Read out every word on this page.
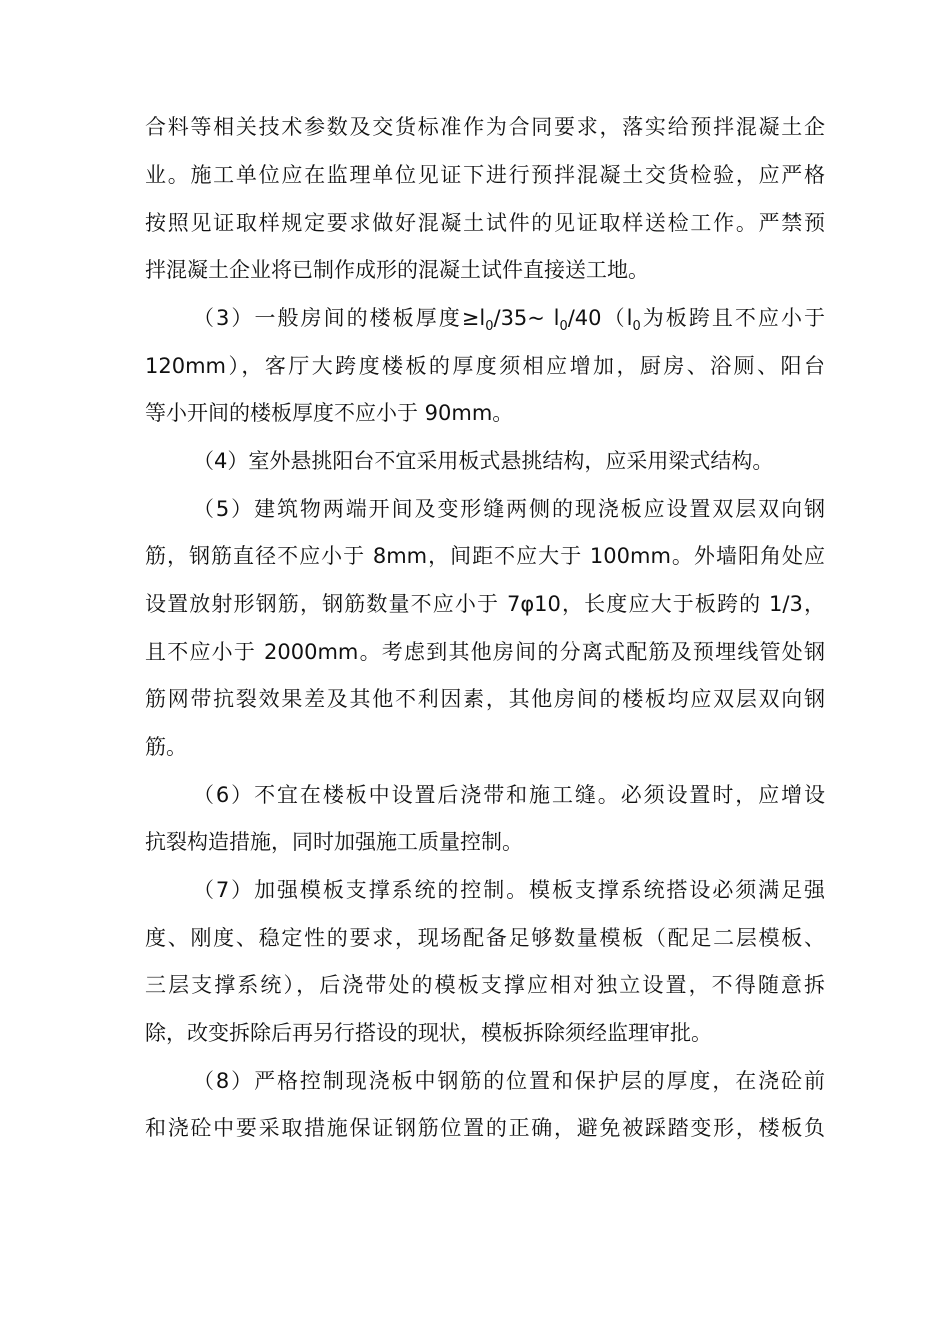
合料等相关技术参数及交货标准作为合同要求，落实给预拌混凝土企
业。施工单位应在监理单位见证下进行预拌混凝土交货检验，应严格
按照见证取样规定要求做好混凝土试件的见证取样送检工作。严禁预
拌混凝土企业将已制作成形的混凝土试件直接送工地。
（3）一般房间的楼板厚度$\ge l_0/35\sim$ $l_0/40(l_0$为板跨且不应小于
120mm），客厅大跨度楼板的厚度须相应增加，厨房、浴厕、阳台
等小开间的楼板厚度不应小于 90mm。
（4）室外悬挑阳台不宜采用板式悬挑结构，应采用梁式结构。
（5）建筑物两端开间及变形缝两侧的现浇板应设置双层双向钢
筋，钢筋直径不应小于 8mm，间距不应大于 100mm。外墙阳角处应
设置放射形钢筋，钢筋数量不应小于 7φ10，长度应大于板跨的 1/3，
且不应小于 2000mm。考虑到其他房间的分离式配筋及预埋线管处钢
筋网带抗裂效果差及其他不利因素，其他房间的楼板均应双层双向钢
筋。
（6）不宜在楼板中设置后浇带和施工缝。必须设置时，应增设
抗裂构造措施，同时加强施工质量控制。
（7）加强模板支撑系统的控制。模板支撑系统搭设必须满足强
度、刚度、稳定性的要求，现场配备足够数量模板（配足二层模板、
三层支撑系统），后浇带处的模板支撑应相对独立设置，不得随意拆
除，改变拆除后再另行搭设的现状，模板拆除须经监理审批。
（8）严格控制现浇板中钢筋的位置和保护层的厚度，在浇砼前
和浇砼中要采取措施保证钢筋位置的正确，避免被踩踏变形，楼板负
